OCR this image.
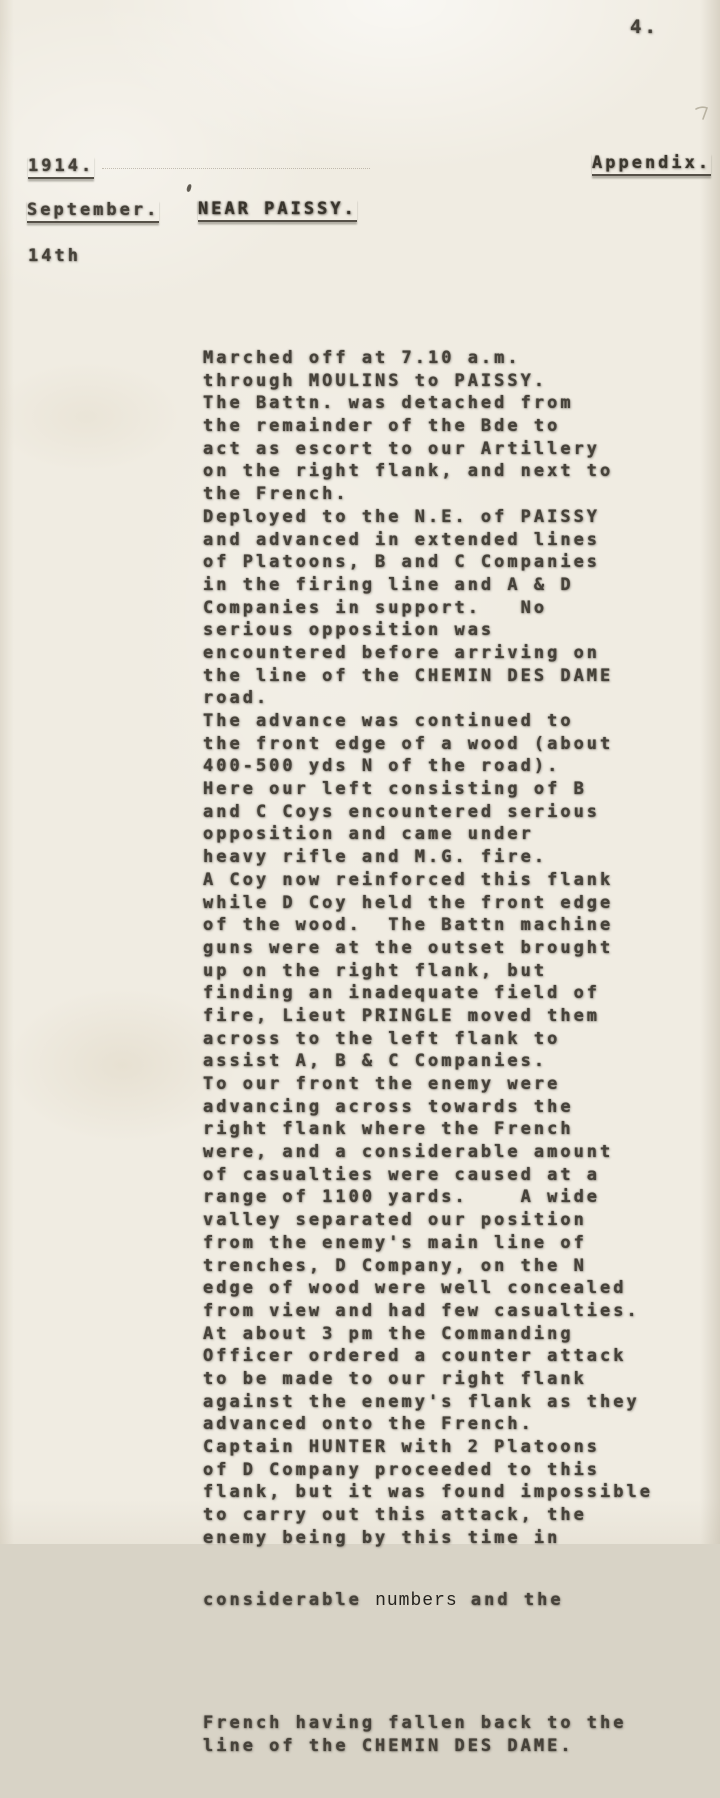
4.
1914.	Appendix.
September. NEAR PAISSY.
14th

Marched off at 7.10 a.m.
through MOULINS to PAISSY.
The Battn. was detached from
the remainder of the Bde to
act as escort to our Artillery
on the right flank, and next to
the French.
Deployed to the N.E. of PAISSY
and advanced in extended lines
of Platoons, B and C Companies
in the firing line and A & D
Companies in support.   No
serious opposition was
encountered before arriving on
the line of the CHEMIN DES DAME
road.
The advance was continued to
the front edge of a wood (about
400-500 yds N of the road).
Here our left consisting of B
and C Coys encountered serious
opposition and came under
heavy rifle and M.G. fire.
A Coy now reinforced this flank
while D Coy held the front edge
of the wood.  The Battn machine
guns were at the outset brought
up on the right flank, but
finding an inadequate field of
fire, Lieut PRINGLE moved them
across to the left flank to
assist A, B & C Companies.
To our front the enemy were
advancing across towards the
right flank where the French
were, and a considerable amount
of casualties were caused at a
range of 1100 yards.    A wide
valley separated our position
from the enemy's main line of
trenches, D Company, on the N
edge of wood were well concealed
from view and had few casualties.
At about 3 pm the Commanding
Officer ordered a counter attack
to be made to our right flank
against the enemy's flank as they
advanced onto the French.
Captain HUNTER with 2 Platoons
of D Company proceeded to this
flank, but it was found impossible
to carry out this attack, the
enemy being by this time in

considerable numbers and the

French having fallen back to the
line of the CHEMIN DES DAME.
